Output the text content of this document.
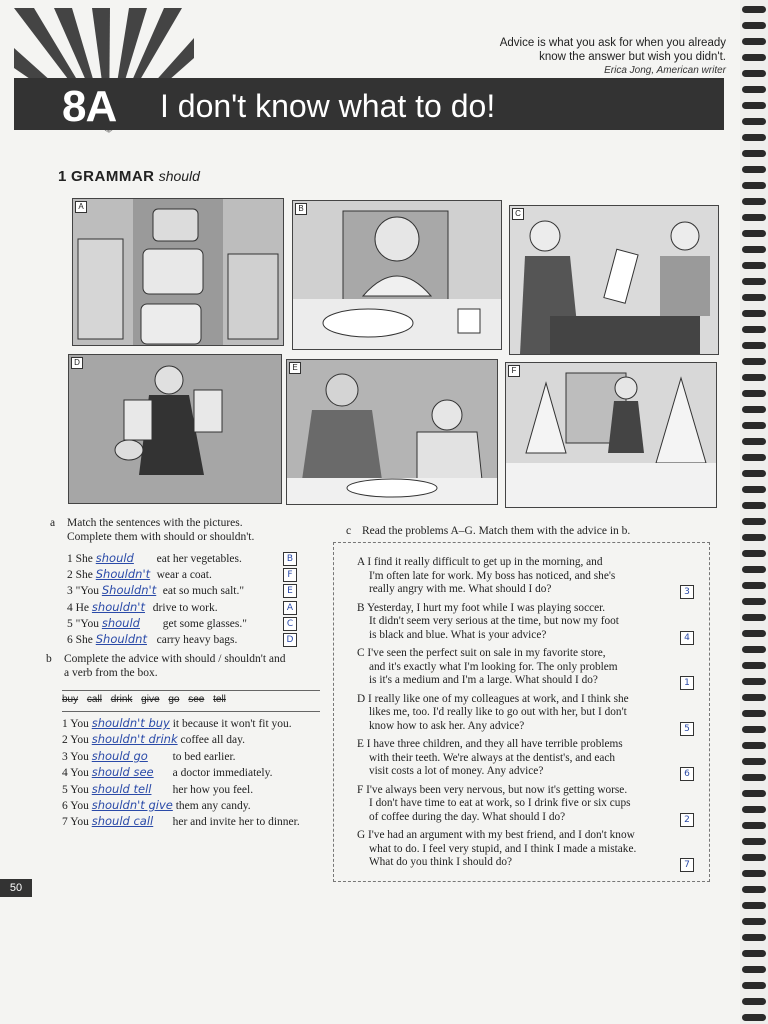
Advice is what you ask for when you already
know the answer but wish you didn't.
Erica Jong, American writer
8A I don't know what to do!
1 GRAMMAR should
A	B
C
D
E	F
a Match the sentences with the pictures.
Complete them with should or shouldn't.
1 She should eat her vegetables.	B
2 She Shouldn't wear a coat.	F
3 "You Shouldn't eat so much salt."	E
4 He shouldn't drive to work.	A
5 "You should get some glasses."	C
6 She Shouldnt carry heavy bags.	D
b Complete the advice with should / shouldn't and
a verb from the box.
buy call drink give go see tell
1 You shouldn't buy it because it won't fit you.
2 You shouldn't drink coffee all day.
3 You should go to bed earlier.
4 You should see a doctor immediately.
5 You should tell her how you feel.
6 You shouldn't give them any candy.
7 You should call her and invite her to dinner.
c Read the problems A–G. Match them with the advice in b.
A I find it really difficult to get up in the morning, and
I'm often late for work. My boss has noticed, and she's
really angry with me. What should I do?	3
B Yesterday, I hurt my foot while I was playing soccer.
It didn't seem very serious at the time, but now my foot
is black and blue. What is your advice?	4
C I've seen the perfect suit on sale in my favorite store,
and it's exactly what I'm looking for. The only problem
is it's a medium and I'm a large. What should I do?	1
D I really like one of my colleagues at work, and I think she
likes me, too. I'd really like to go out with her, but I don't
know how to ask her. Any advice?	5
E I have three children, and they all have terrible problems
with their teeth. We're always at the dentist's, and each
visit costs a lot of money. Any advice?	6
F I've always been very nervous, but now it's getting worse.
I don't have time to eat at work, so I drink five or six cups
of coffee during the day. What should I do?	2
G I've had an argument with my best friend, and I don't know
what to do. I feel very stupid, and I think I made a mistake.
What do you think I should do?	7
50
